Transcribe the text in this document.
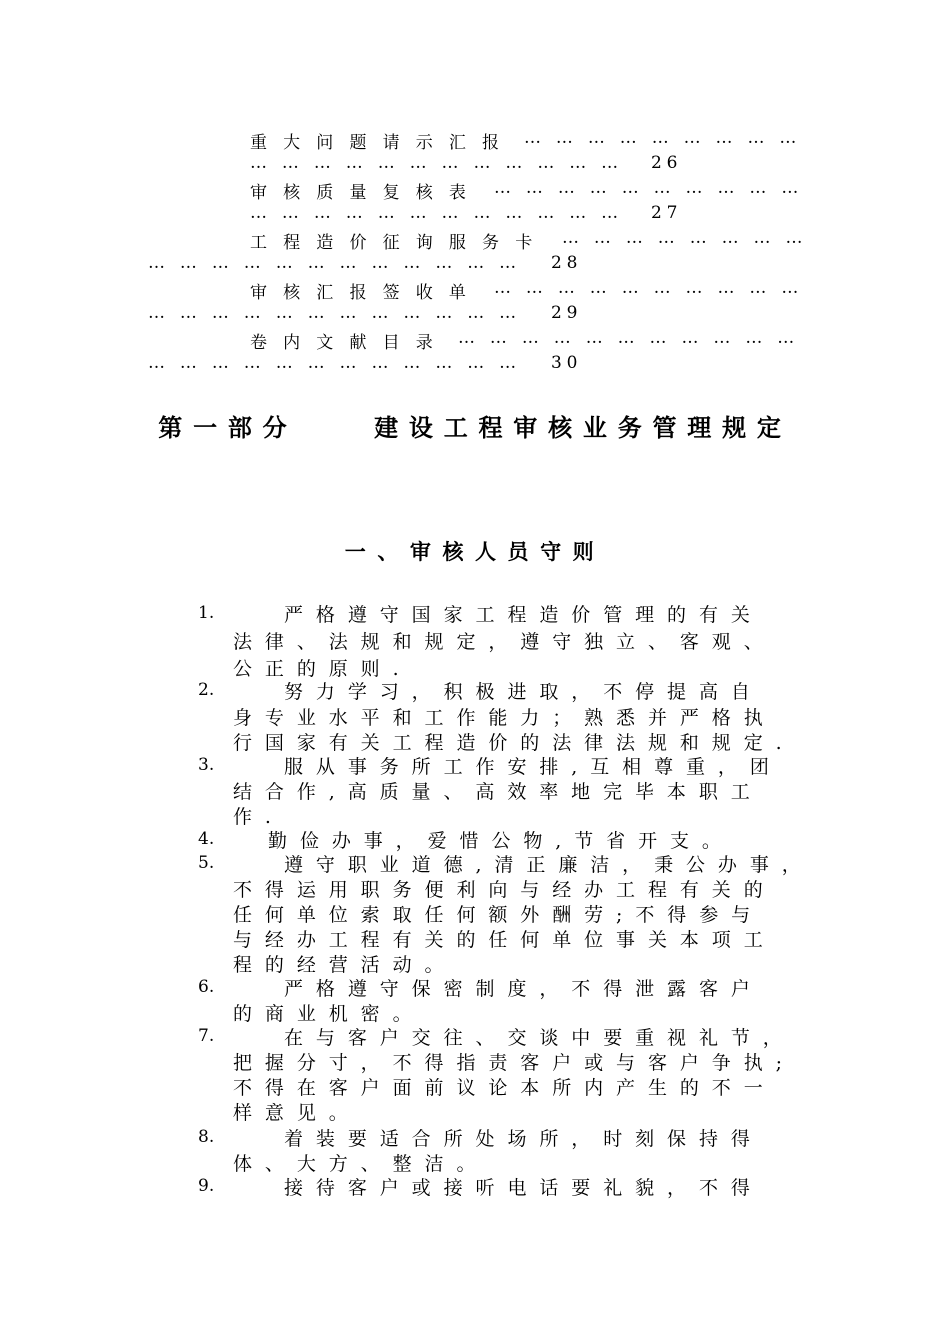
重大问题请示汇报 … … … … … … … … …
… … … … … … … … … … … … 26
审核质量复核表 … … … … … … … … … …
… … … … … … … … … … … … 27
工程造价征询服务卡 … … … … … … … …
… … … … … … … … … … … … 28
审核汇报签收单 … … … … … … … … … …
… … … … … … … … … … … … 29
卷内文献目录 … … … … … … … … … … …
… … … … … … … … … … … … 30
第一部分    建设工程审核业务管理规定
一、审核人员守则
1.	严格遵守国家工程造价管理的有关
法律、法规和规定，遵守独立、客观、
公正的原则.
2.	努力学习，积极进取，不停提高自
身专业水平和工作能力；熟悉并严格执
行国家有关工程造价的法律法规和规定.
3.	服从事务所工作安排,互相尊重，团
结合作,高质量、高效率地完毕本职工
作.
4.	勤俭办事，爱惜公物,节省开支。
5.	遵守职业道德,清正廉洁，秉公办事，
不得运用职务便利向与经办工程有关的
任何单位索取任何额外酬劳;不得参与
与经办工程有关的任何单位事关本项工
程的经营活动。
6.	严格遵守保密制度，不得泄露客户
的商业机密。
7.	在与客户交往、交谈中要重视礼节，
把握分寸，不得指责客户或与客户争执;
不得在客户面前议论本所内产生的不一
样意见。
8.	着装要适合所处场所，时刻保持得
体、大方、整洁。
9.	接待客户或接听电话要礼貌，不得
